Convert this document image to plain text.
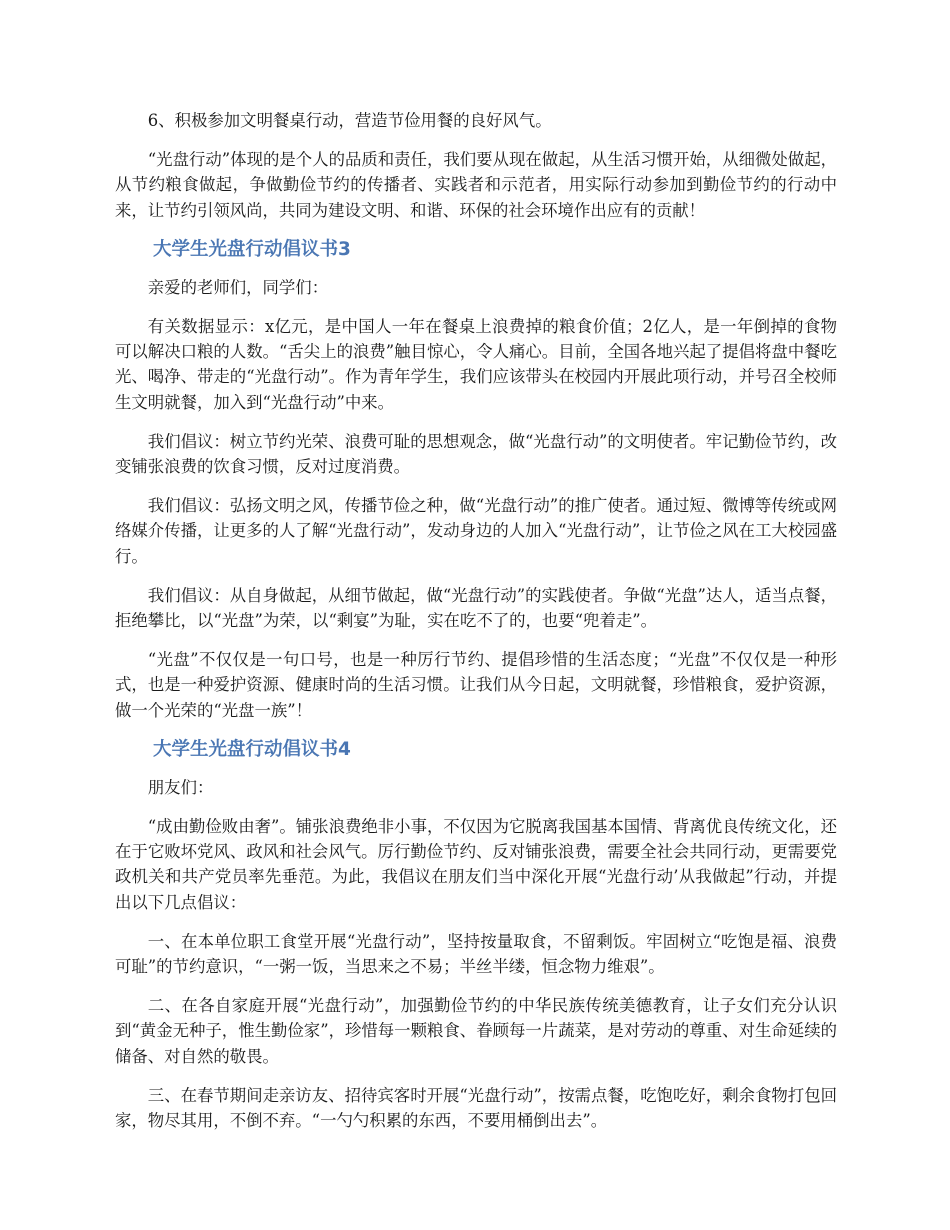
6、积极参加文明餐桌行动，营造节俭用餐的良好风气。

“光盘行动”体现的是个人的品质和责任，我们要从现在做起，从生活习惯开始，从细微处做起，从节约粮食做起，争做勤俭节约的传播者、实践者和示范者，用实际行动参加到勤俭节约的行动中来，让节约引领风尚，共同为建设文明、和谐、环保的社会环境作出应有的贡献！

大学生光盘行动倡议书3

亲爱的老师们，同学们：

有关数据显示：x亿元，是中国人一年在餐桌上浪费掉的粮食价值；2亿人，是一年倒掉的食物可以解决口粮的人数。“舌尖上的浪费”触目惊心，令人痛心。目前，全国各地兴起了提倡将盘中餐吃光、喝净、带走的“光盘行动”。作为青年学生，我们应该带头在校园内开展此项行动，并号召全校师生文明就餐，加入到“光盘行动”中来。

我们倡议：树立节约光荣、浪费可耻的思想观念，做“光盘行动”的文明使者。牢记勤俭节约，改变铺张浪费的饮食习惯，反对过度消费。

我们倡议：弘扬文明之风，传播节俭之种，做“光盘行动”的推广使者。通过短、微博等传统或网络媒介传播，让更多的人了解“光盘行动”，发动身边的人加入“光盘行动”，让节俭之风在工大校园盛行。

我们倡议：从自身做起，从细节做起，做“光盘行动”的实践使者。争做“光盘”达人，适当点餐，拒绝攀比，以“光盘”为荣，以“剩宴”为耻，实在吃不了的，也要“兜着走”。

“光盘”不仅仅是一句口号，也是一种厉行节约、提倡珍惜的生活态度；“光盘”不仅仅是一种形式，也是一种爱护资源、健康时尚的生活习惯。让我们从今日起，文明就餐，珍惜粮食，爱护资源，做一个光荣的“光盘一族”！

大学生光盘行动倡议书4

朋友们：

“成由勤俭败由奢”。铺张浪费绝非小事，不仅因为它脱离我国基本国情、背离优良传统文化，还在于它败坏党风、政风和社会风气。厉行勤俭节约、反对铺张浪费，需要全社会共同行动，更需要党政机关和共产党员率先垂范。为此，我倡议在朋友们当中深化开展“光盘行动’从我做起”行动，并提出以下几点倡议：

一、在本单位职工食堂开展“光盘行动”，坚持按量取食，不留剩饭。牢固树立“吃饱是福、浪费可耻”的节约意识，“一粥一饭，当思来之不易；半丝半缕，恒念物力维艰”。

二、在各自家庭开展“光盘行动”，加强勤俭节约的中华民族传统美德教育，让子女们充分认识到“黄金无种子，惟生勤俭家”，珍惜每一颗粮食、眷顾每一片蔬菜，是对劳动的尊重、对生命延续的储备、对自然的敬畏。

三、在春节期间走亲访友、招待宾客时开展“光盘行动”，按需点餐，吃饱吃好，剩余食物打包回家，物尽其用，不倒不弃。“一勺勺积累的东西，不要用桶倒出去”。
